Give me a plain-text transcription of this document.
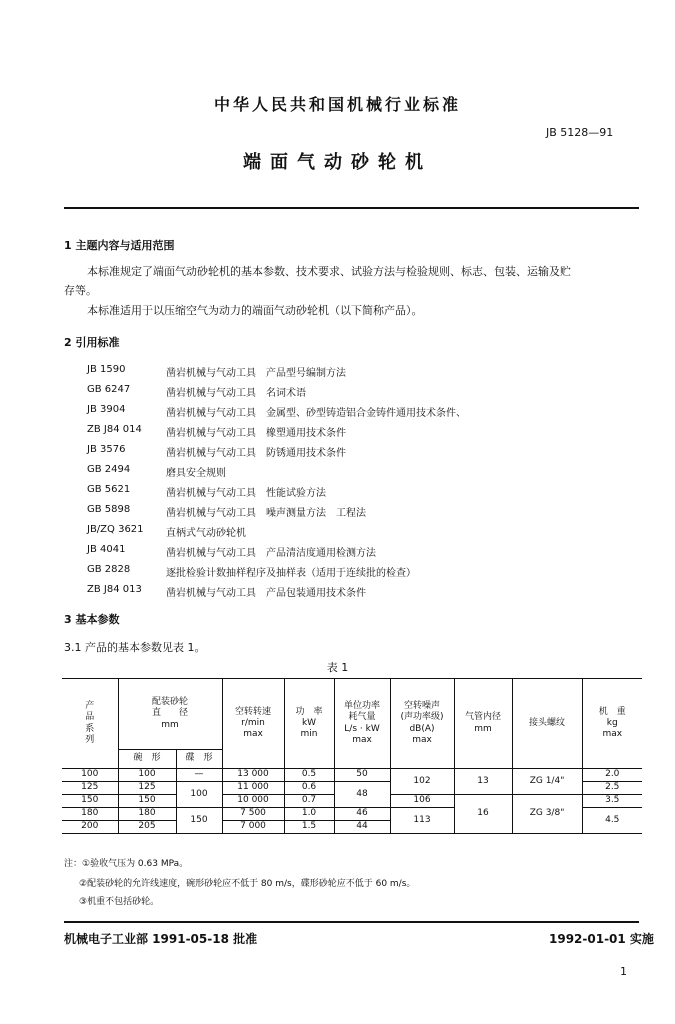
中华人民共和国机械行业标准
JB 5128—91
端面气动砂轮机
1 主题内容与适用范围
本标准规定了端面气动砂轮机的基本参数、技术要求、试验方法与检验规则、标志、包装、运输及贮
存等。
本标准适用于以压缩空气为动力的端面气动砂轮机（以下简称产品）。
2 引用标准
JB 1590	凿岩机械与气动工具　产品型号编制方法
GB 6247	凿岩机械与气动工具　名词术语
JB 3904	凿岩机械与气动工具　金属型、砂型铸造铝合金铸件通用技术条件、
ZB J84 014	凿岩机械与气动工具　橡塑通用技术条件
JB 3576	凿岩机械与气动工具　防锈通用技术条件
GB 2494	磨具安全规则
GB 5621	凿岩机械与气动工具　性能试验方法
GB 5898	凿岩机械与气动工具　噪声测量方法　工程法
JB/ZQ 3621	直柄式气动砂轮机
JB 4041	凿岩机械与气动工具　产品清洁度通用检测方法
GB 2828	逐批检验计数抽样程序及抽样表（适用于连续批的检查）
ZB J84 013	凿岩机械与气动工具　产品包装通用技术条件
3 基本参数
3.1 产品的基本参数见表 1。
表 1
产
品
系
列	配装砂轮
直　　径
mm		空转转速
r/min
max	功　率
kW
min	单位功率
耗气量
L/s · kW
max	空转噪声
(声功率级)
dB(A)
max	气管内径
mm	接头螺纹	机　重
kg
max

	碗　形	碟　形							
100	100	—	13 000	0.5	50	102	13	ZG 1/4"	2.0
125	125	100	11 000	0.6	48				2.5
150	150		10 000	0.7		106	16	ZG 3/8"	3.5
180	180	150	7 500	1.0	46	113			4.5
200	205		7 000	1.5	44				
注：①验收气压为 0.63 MPa。
②配装砂轮的允许线速度，碗形砂轮应不低于 80 m/s，碟形砂轮应不低于 60 m/s。
③机重不包括砂轮。
机械电子工业部 1991-05-18 批准	1992-01-01 实施
1
